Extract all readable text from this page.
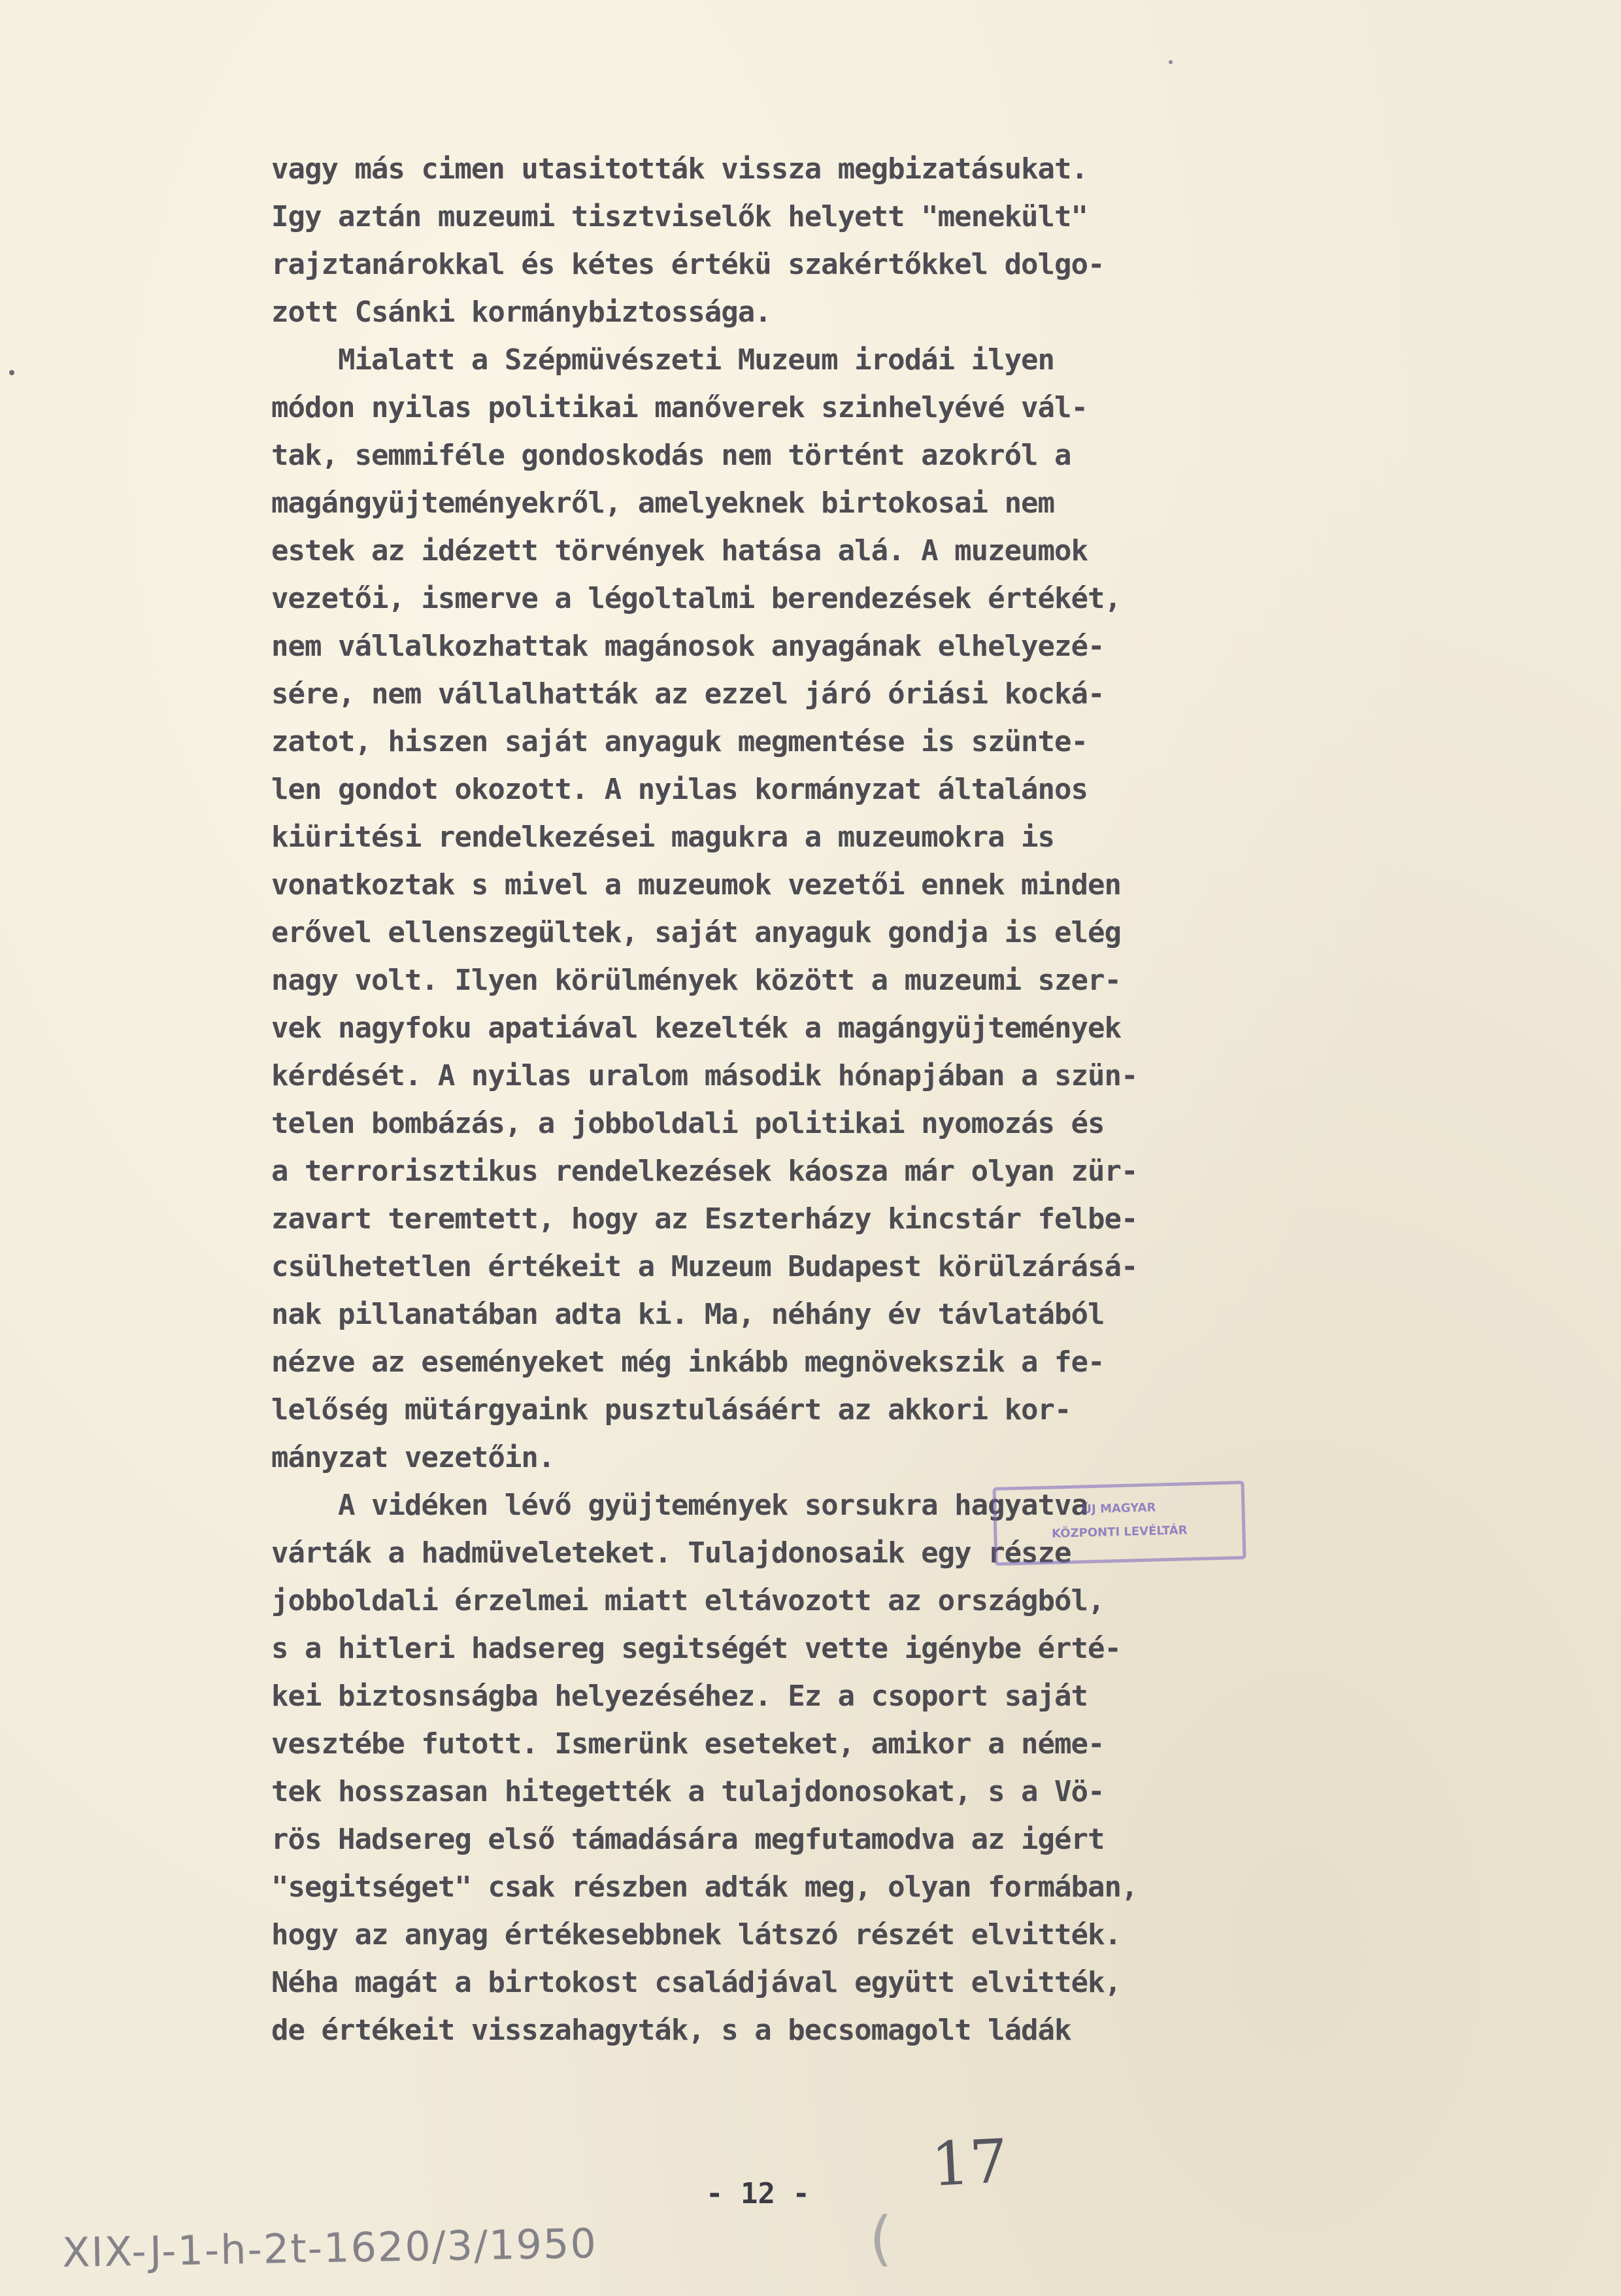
vagy más cimen utasitották vissza megbizatásukat.
Igy aztán muzeumi tisztviselők helyett "menekült"
rajztanárokkal és kétes értékü szakértőkkel dolgo-
zott Csánki kormánybiztossága.
Mialatt a Szépmüvészeti Muzeum irodái ilyen
módon nyilas politikai manőverek szinhelyévé vál-
tak, semmiféle gondoskodás nem történt azokról a
magángyüjteményekről, amelyeknek birtokosai nem
estek az idézett törvények hatása alá. A muzeumok
vezetői, ismerve a légoltalmi berendezések értékét,
nem vállalkozhattak magánosok anyagának elhelyezé-
sére, nem vállalhatták az ezzel járó óriási kocká-
zatot, hiszen saját anyaguk megmentése is szünte-
len gondot okozott. A nyilas kormányzat általános
kiüritési rendelkezései magukra a muzeumokra is
vonatkoztak s mivel a muzeumok vezetői ennek minden
erővel ellenszegültek, saját anyaguk gondja is elég
nagy volt. Ilyen körülmények között a muzeumi szer-
vek nagyfoku apatiával kezelték a magángyüjtemények
kérdését. A nyilas uralom második hónapjában a szün-
telen bombázás, a jobboldali politikai nyomozás és
a terrorisztikus rendelkezések káosza már olyan zür-
zavart teremtett, hogy az Eszterházy kincstár felbe-
csülhetetlen értékeit a Muzeum Budapest körülzárásá-
nak pillanatában adta ki. Ma, néhány év távlatából
nézve az eseményeket még inkább megnövekszik a fe-
lelőség mütárgyaink pusztulásáért az akkori kor-
mányzat vezetőin.
A vidéken lévő gyüjtemények sorsukra hagyatva
várták a hadmüveleteket. Tulajdonosaik egy része
jobboldali érzelmei miatt eltávozott az országból,
s a hitleri hadsereg segitségét vette igénybe érté-
kei biztosnságba helyezéséhez. Ez a csoport saját
vesztébe futott. Ismerünk eseteket, amikor a néme-
tek hosszasan hitegették a tulajdonosokat, s a Vö-
rös Hadsereg első támadására megfutamodva az igért
"segitséget" csak részben adták meg, olyan formában,
hogy az anyag értékesebbnek látszó részét elvitték.
Néha magát a birtokost családjával együtt elvitték,
de értékeit visszahagyták, s a becsomagolt ládák
ÚJ MAGYAR
KÖZPONTI LEVÉLTÁR
17
- 12 -
(
XIX-J-1-h-2t-1620/3/1950
